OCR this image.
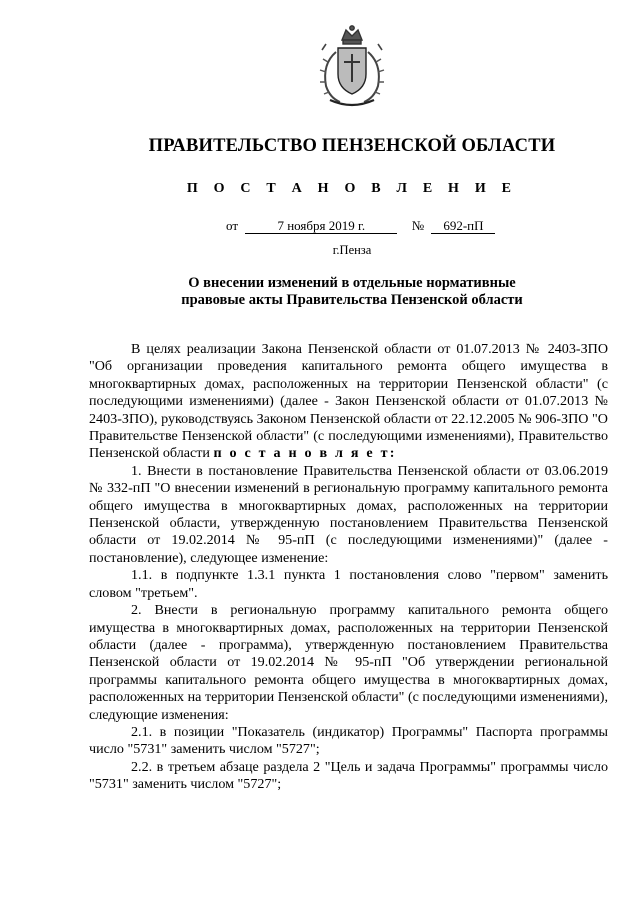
ПРАВИТЕЛЬСТВО ПЕНЗЕНСКОЙ ОБЛАСТИ
П О С Т А Н О В Л Е Н И Е
от	7 ноября 2019 г.	№ 692-пП
г.Пенза
О внесении изменений в отдельные нормативные
правовые акты Правительства Пензенской области

В целях реализации Закона Пензенской области от 01.07.2013 № 2403-ЗПО "Об организации проведения капитального ремонта общего имущества в многоквартирных домах, расположенных на территории Пензенской области" (с последующими изменениями) (далее - Закон Пензенской области от 01.07.2013 № 2403-ЗПО), руководствуясь Законом Пензенской области от 22.12.2005 № 906-ЗПО "О Правительстве Пензенской области" (с последующими изменениями), Правительство Пензенской области п о с т а н о в л я е т:

1. Внести в постановление Правительства Пензенской области от 03.06.2019 № 332-пП "О внесении изменений в региональную программу капитального ремонта общего имущества в многоквартирных домах, расположенных на территории Пензенской области, утвержденную постановлением Правительства Пензенской области от 19.02.2014 № 95-пП (с последующими изменениями)" (далее - постановление), следующее изменение:

1.1. в подпункте 1.3.1 пункта 1 постановления слово "первом" заменить словом "третьем".

2. Внести в региональную программу капитального ремонта общего имущества в многоквартирных домах, расположенных на территории Пензенской области (далее - программа), утвержденную постановлением Правительства Пензенской области от 19.02.2014 № 95-пП "Об утверждении региональной программы капитального ремонта общего имущества в многоквартирных домах, расположенных на территории Пензенской области" (с последующими изменениями), следующие изменения:

2.1. в позиции "Показатель (индикатор) Программы" Паспорта программы число "5731" заменить числом "5727";

2.2. в третьем абзаце раздела 2 "Цель и задача Программы" программы число "5731" заменить числом "5727";
